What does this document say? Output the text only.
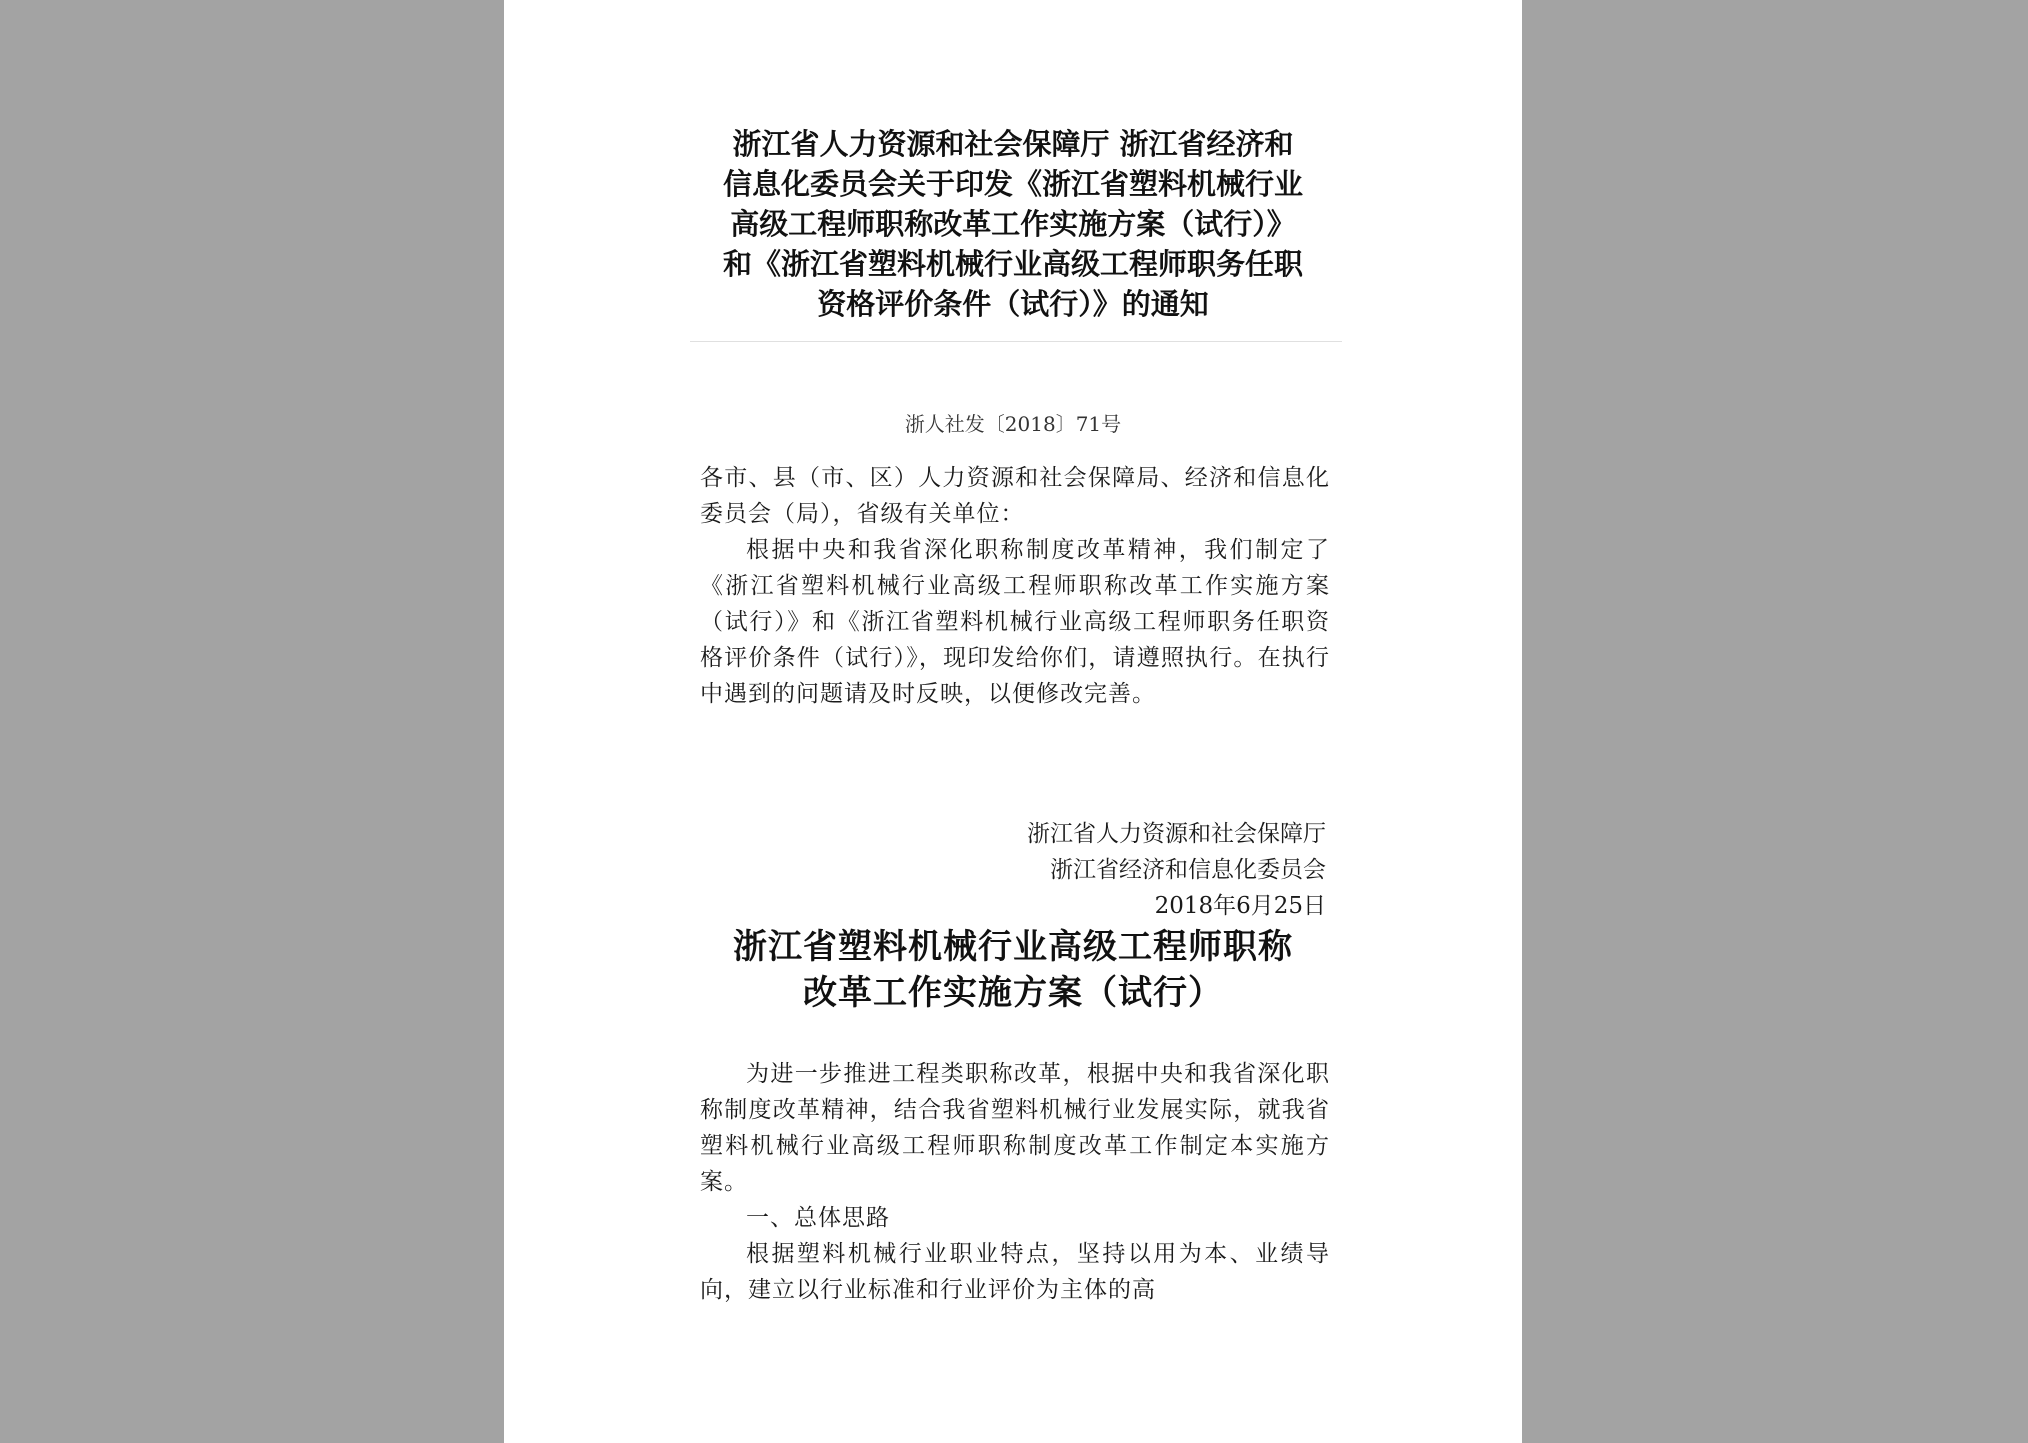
浙江省人力资源和社会保障厅 浙江省经济和
信息化委员会关于印发《浙江省塑料机械行业
高级工程师职称改革工作实施方案（试行）》
和《浙江省塑料机械行业高级工程师职务任职
资格评价条件（试行）》的通知
浙人社发〔2018〕71号

各市、县（市、区）人力资源和社会保障局、经济和信息化委员会（局），省级有关单位：

根据中央和我省深化职称制度改革精神，我们制定了《浙江省塑料机械行业高级工程师职称改革工作实施方案（试行）》和《浙江省塑料机械行业高级工程师职务任职资格评价条件（试行）》，现印发给你们，请遵照执行。在执行中遇到的问题请及时反映，以便修改完善。

浙江省人力资源和社会保障厅
浙江省经济和信息化委员会
2018年6月25日
浙江省塑料机械行业高级工程师职称
改革工作实施方案（试行）

为进一步推进工程类职称改革，根据中央和我省深化职称制度改革精神，结合我省塑料机械行业发展实际，就我省塑料机械行业高级工程师职称制度改革工作制定本实施方案。

一、总体思路

根据塑料机械行业职业特点，坚持以用为本、业绩导向，建立以行业标准和行业评价为主体的高
